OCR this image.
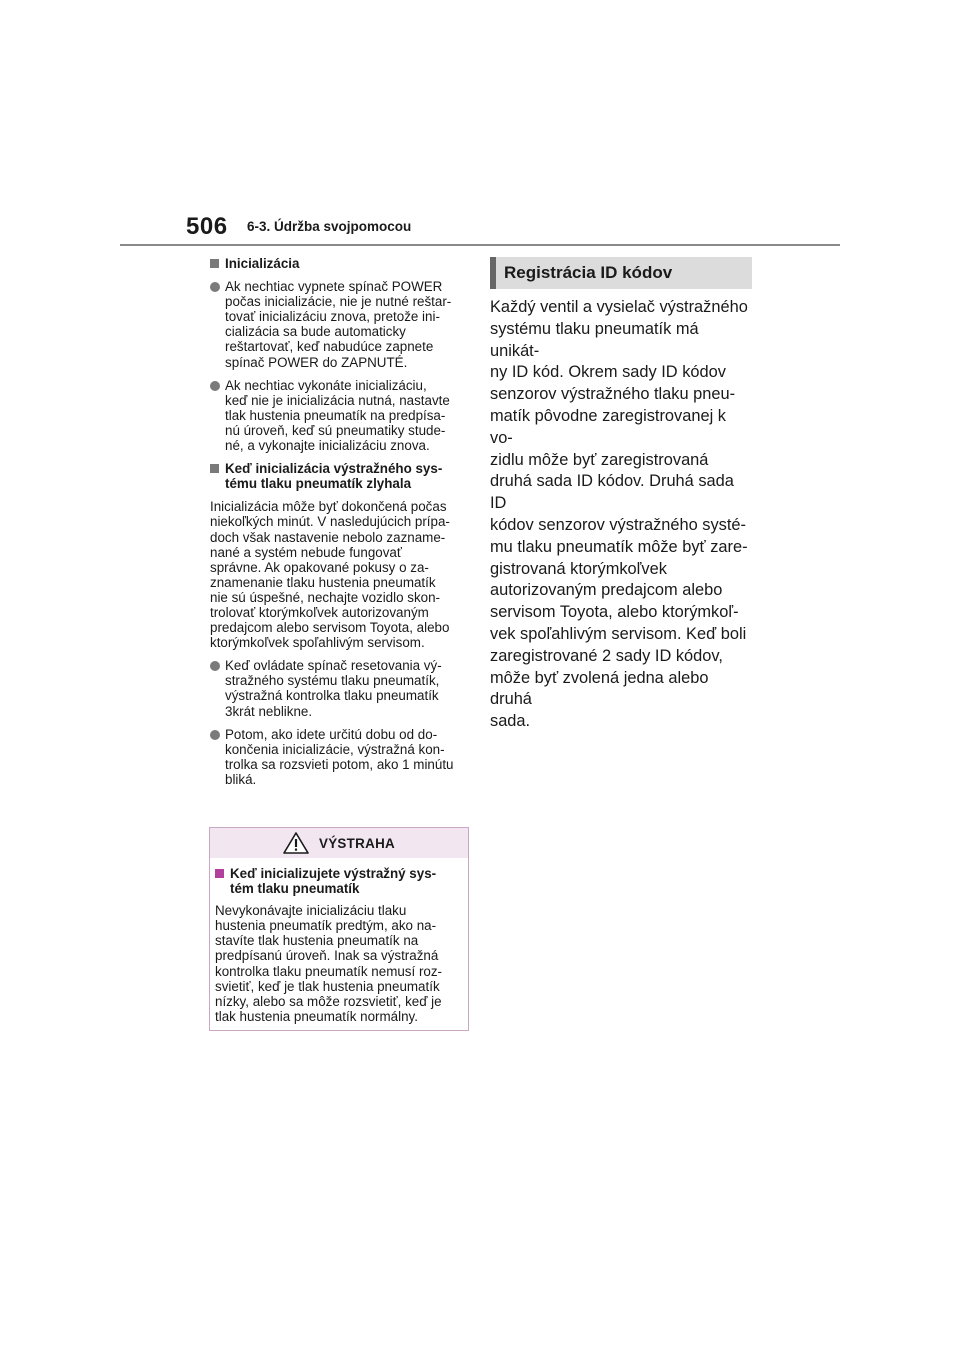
506 6-3. Údržba svojpomocou
Inicializácia
Ak nechtiac vypnete spínač POWER
počas inicializácie, nie je nutné reštar-
tovať inicializáciu znova, pretože ini-
cializácia sa bude automaticky
reštartovať, keď nabudúce zapnete
spínač POWER do ZAPNUTÉ.
Ak nechtiac vykonáte inicializáciu,
keď nie je inicializácia nutná, nastavte
tlak hustenia pneumatík na predpísa-
nú úroveň, keď sú pneumatiky stude-
né, a vykonajte inicializáciu znova.
Keď inicializácia výstražného sys-
tému tlaku pneumatík zlyhala
Inicializácia môže byť dokončená počas
niekoľkých minút. V nasledujúcich prípa-
doch však nastavenie nebolo zazname-
nané a systém nebude fungovať
správne. Ak opakované pokusy o za-
znamenanie tlaku hustenia pneumatík
nie sú úspešné, nechajte vozidlo skon-
trolovať ktorýmkoľvek autorizovaným
predajcom alebo servisom Toyota, alebo
ktorýmkoľvek spoľahlivým servisom.
Keď ovládate spínač resetovania vý-
stražného systému tlaku pneumatík,
výstražná kontrolka tlaku pneumatík
3krát neblikne.
Potom, ako idete určitú dobu od do-
končenia inicializácie, výstražná kon-
trolka sa rozsvieti potom, ako 1 minútu
bliká.
VÝSTRAHA
Keď inicializujete výstražný sys-
tém tlaku pneumatík
Nevykonávajte inicializáciu tlaku
hustenia pneumatík predtým, ako na-
stavíte tlak hustenia pneumatík na
predpísanú úroveň. Inak sa výstražná
kontrolka tlaku pneumatík nemusí roz-
svietiť, keď je tlak hustenia pneumatík
nízky, alebo sa môže rozsvietiť, keď je
tlak hustenia pneumatík normálny.
Registrácia ID kódov
Každý ventil a vysielač výstražného
systému tlaku pneumatík má unikát-
ny ID kód. Okrem sady ID kódov
senzorov výstražného tlaku pneu-
matík pôvodne zaregistrovanej k vo-
zidlu môže byť zaregistrovaná
druhá sada ID kódov. Druhá sada ID
kódov senzorov výstražného systé-
mu tlaku pneumatík môže byť zare-
gistrovaná ktorýmkoľvek
autorizovaným predajcom alebo
servisom Toyota, alebo ktorýmkoľ-
vek spoľahlivým servisom. Keď boli
zaregistrované 2 sady ID kódov,
môže byť zvolená jedna alebo druhá
sada.
